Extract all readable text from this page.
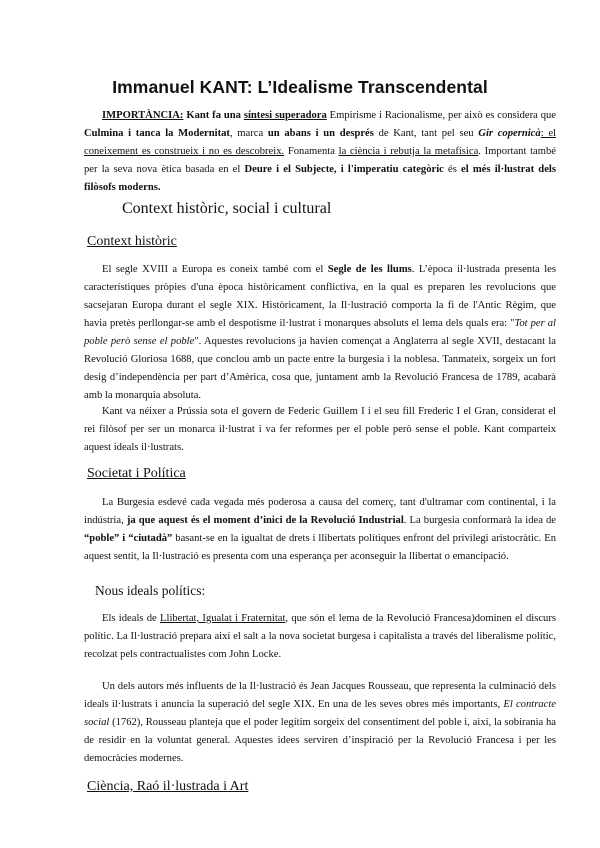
Immanuel KANT: L’Idealisme Transcendental

IMPORTÀNCIA: Kant fa una síntesi superadora Empirisme i Racionalisme, per això es considera que Culmina i tanca la Modernitat, marca un abans i un després de Kant, tant pel seu Gir copernicà: el coneixement es construeix i no es descobreix. Fonamenta la ciència i rebutja la metafísica. Important també per la seva nova ètica basada en el Deure i el Subjecte, i l'imperatiu categòric és el més il·lustrat dels filòsofs moderns.

Context històric, social i cultural
Context històric

El segle XVIII a Europa es coneix també com el Segle de les llums. L’època il·lustrada presenta les característiques pròpies d'una època històricament conflictiva, en la qual es preparen les revolucions que sacsejaran Europa durant el segle XIX. Històricament, la Il·lustració comporta la fi de l'Antic Règim, que havia pretès perllongar-se amb el despotisme il·lustrat i monarques absoluts el lema dels quals era: "Tot per al poble però sense el poble". Aquestes revolucions ja havien començat a Anglaterra al segle XVII, destacant la Revolució Gloriosa 1688, que conclou amb un pacte entre la burgesia i la noblesa. Tanmateix, sorgeix un fort desig d’independència per part d’Amèrica, cosa que, juntament amb la Revolució Francesa de 1789, acabarà amb la monarquia absoluta.

Kant va néixer a Prússia sota el govern de Federic Guillem I i el seu fill Frederic I el Gran, considerat el rei filòsof per ser un monarca il·lustrat i va fer reformes per el poble però sense el poble. Kant comparteix aquest ideals il·lustrats.

Societat i Política

La Burgesia esdevé cada vegada més poderosa a causa del comerç, tant d'ultramar com continental, i la indústria, ja que aquest és el moment d’inici de la Revolució Industrial. La burgesia conformarà la idea de “poble” i “ciutadà” basant-se en la igualtat de drets i llibertats polítiques enfront del privilegi aristocràtic. En aquest sentit, la Il·lustració es presenta com una esperança per aconseguir la llibertat o emancipació.

Nous ideals polítics:

Els ideals de Llibertat, Igualat i Fraternitat, que són el lema de la Revolució Francesa)dominen el discurs polític. La Il·lustració prepara així el salt a la nova societat burgesa i capitalista a través del liberalisme polític, recolzat pels contractualistes com John Locke.

Un dels autors més influents de la Il·lustració és Jean Jacques Rousseau, que representa la culminació dels ideals il·lustrats i anuncia la superació del segle XIX. En una de les seves obres més importants, El contracte social (1762), Rousseau planteja que el poder legítim sorgeix del consentiment del poble i, així, la sobirania ha de residir en la voluntat general. Aquestes idees serviren d’inspiració per la Revolució Francesa i per les democràcies modernes.

Ciència, Raó il·lustrada i Art
